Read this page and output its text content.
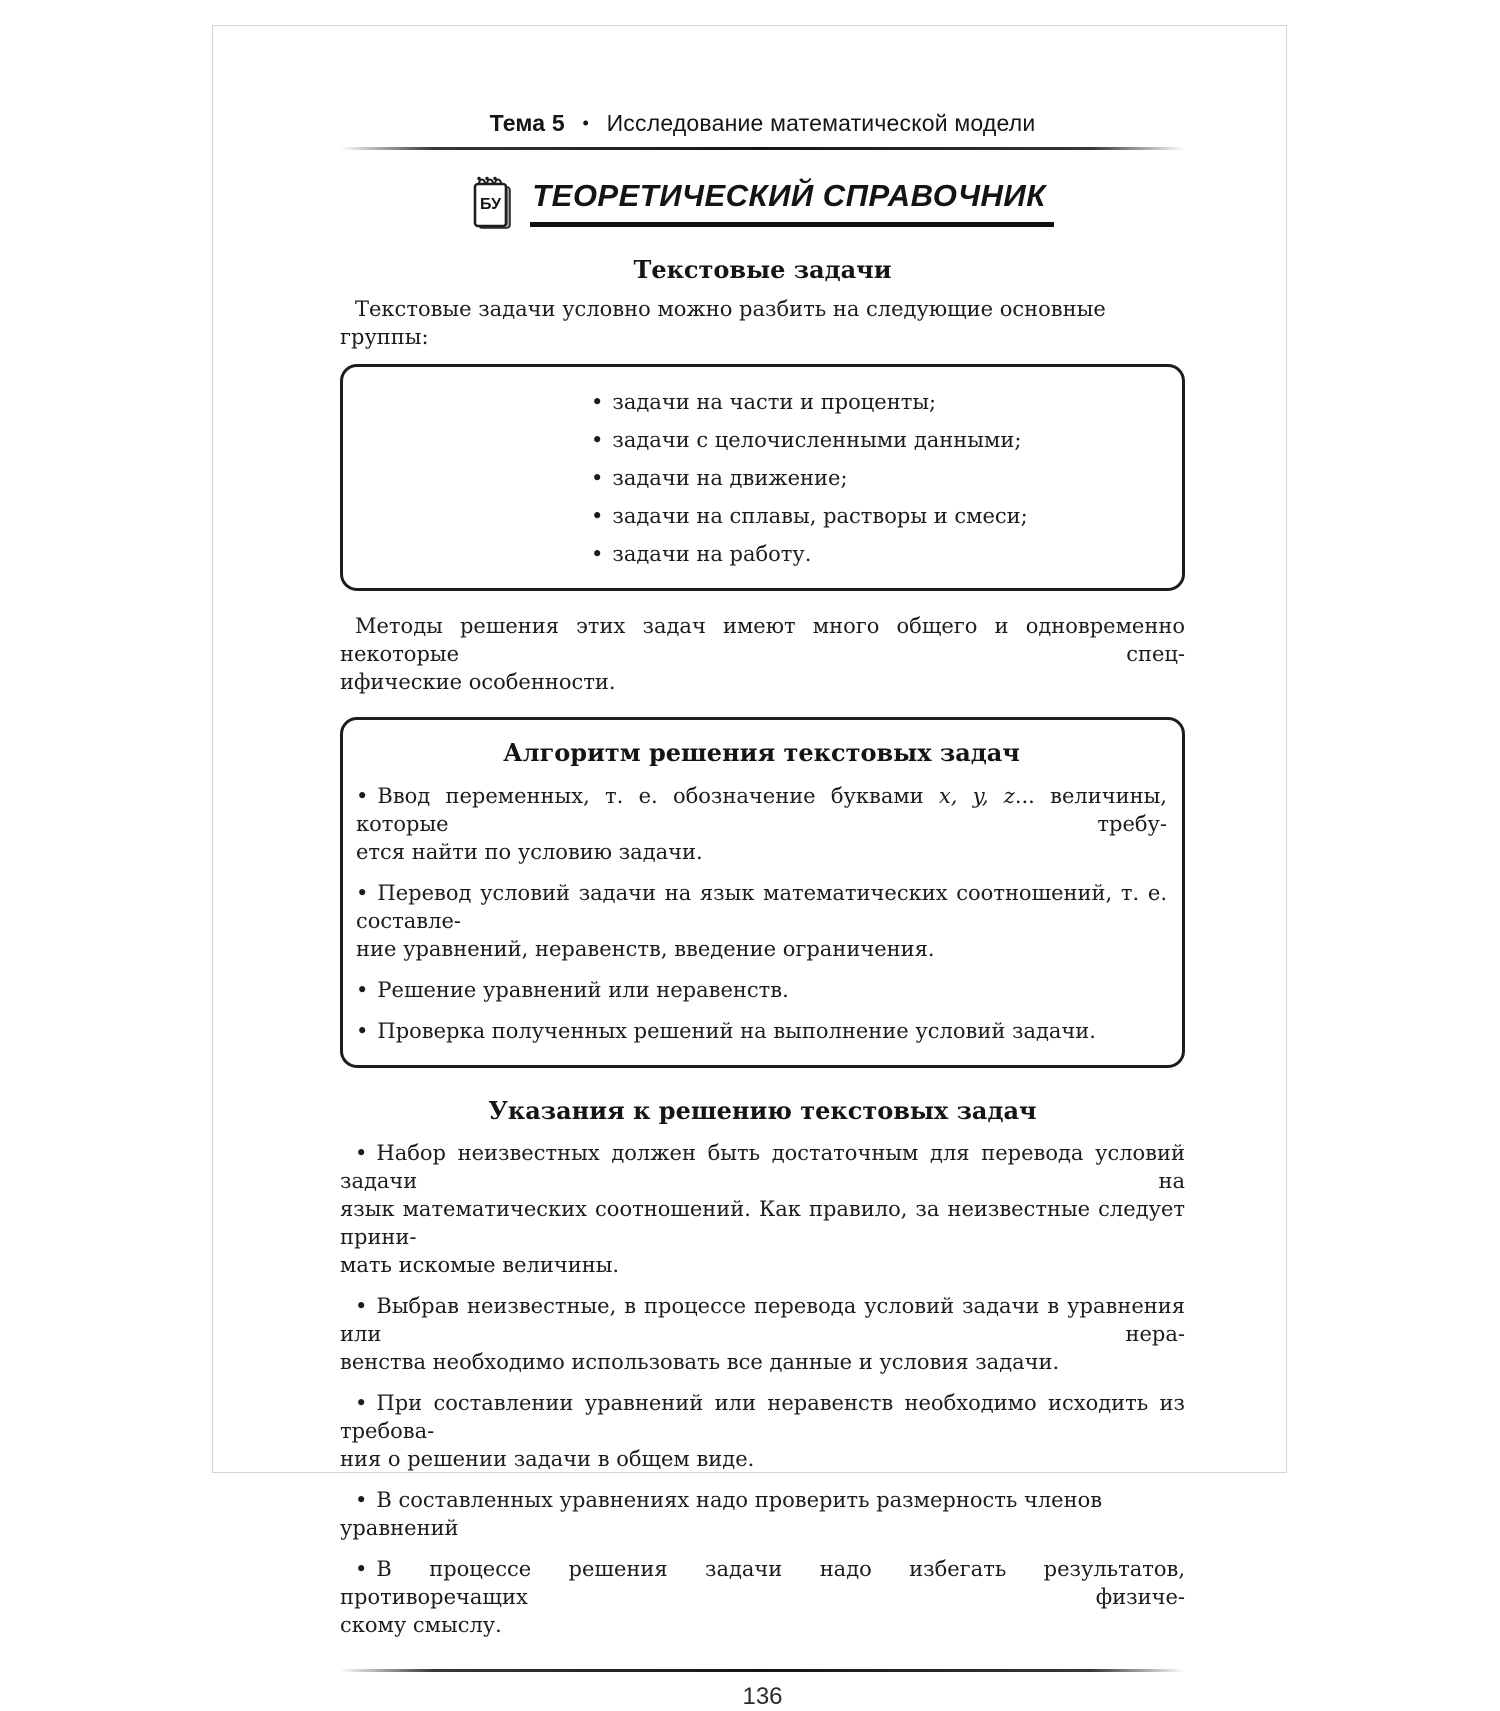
Тема 5 • Исследование математической модели
БУ ТЕОРЕТИЧЕСКИЙ СПРАВОЧНИК
Текстовые задачи
Текстовые задачи условно можно разбить на следующие основные группы:
• задачи на части и проценты;
• задачи с целочисленными данными;
• задачи на движение;
• задачи на сплавы, растворы и смеси;
• задачи на работу.
Методы решения этих задач имеют много общего и одновременно некоторые спец-
ифические особенности.
Алгоритм решения текстовых задач
• Ввод переменных, т. е. обозначение буквами x, y, z... величины, которые требу-
ется найти по условию задачи.
• Перевод условий задачи на язык математических соотношений, т. е. составле-
ние уравнений, неравенств, введение ограничения.
• Решение уравнений или неравенств.
• Проверка полученных решений на выполнение условий задачи.
Указания к решению текстовых задач
• Набор неизвестных должен быть достаточным для перевода условий задачи на
язык математических соотношений. Как правило, за неизвестные следует прини-
мать искомые величины.
• Выбрав неизвестные, в процессе перевода условий задачи в уравнения или нера-
венства необходимо использовать все данные и условия задачи.
• При составлении уравнений или неравенств необходимо исходить из требова-
ния о решении задачи в общем виде.
• В составленных уравнениях надо проверить размерность членов уравнений
• В процессе решения задачи надо избегать результатов, противоречащих физиче-
скому смыслу.
136
